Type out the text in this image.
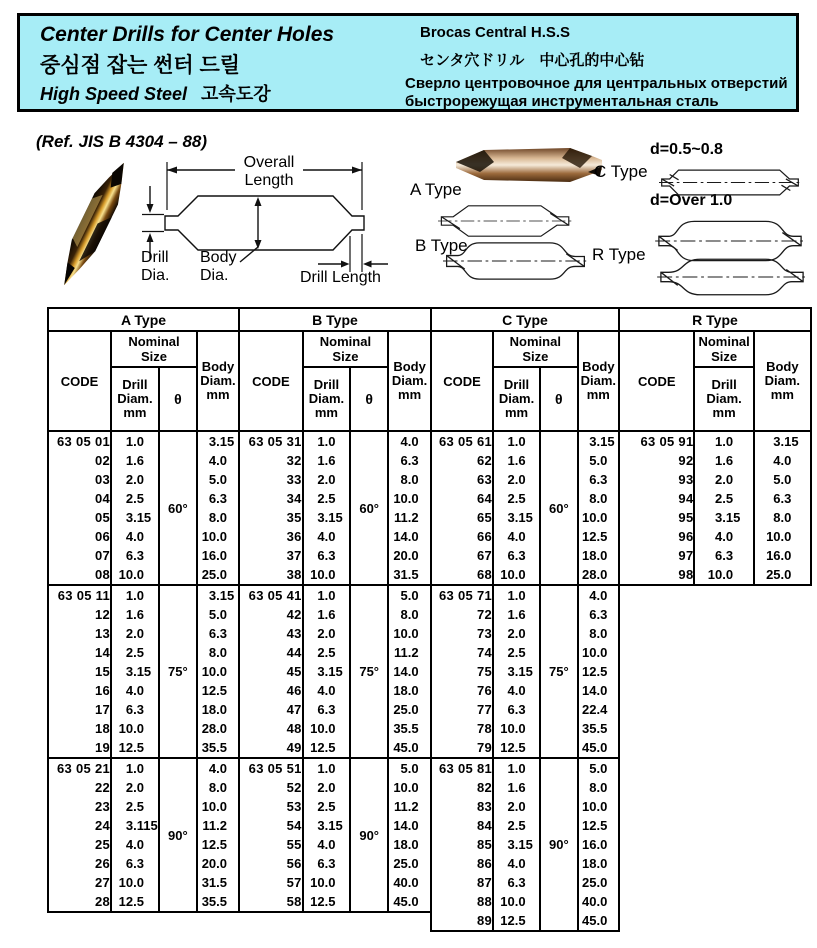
Center Drills for Center Holes
중심점 잡는 썬터 드릴
High Speed Steel 고속도강
Brocas Central H.S.S
センタ穴ドリル　中心孔的中心钻
Сверло центровочное для центральных отверстий
быстрорежущая инструментальная сталь
(Ref. JIS B 4304 – 88)
Overall
Length
Drill
Dia.
Body
Dia.	Drill Length
A Type
B Type
C Type
R Type
d=0.5~0.8
d=Over 1.0
A Type			
CODE	Nominal
Size		Body Diam. mm
	Drill Diam. mm	θ	
63 05 01	1.0	60°	3.15
02	1.6		4.0
03	2.0		5.0
04	2.5		6.3
05	3.15		8.0
06	4.0		10.0
07	6.3		16.0
08	10.0		25.0
63 05 11	1.0	75°	3.15
12	1.6		5.0
13	2.0		6.3
14	2.5		8.0
15	3.15		10.0
16	4.0		12.5
17	6.3		18.0
18	10.0		28.0
19	12.5		35.5
63 05 21	1.0	90°	4.0
22	2.0		8.0
23	2.5		10.0
24	3.115		11.2
25	4.0		12.5
26	6.3		20.0
27	10.0		31.5
28	12.5		35.5
B Type			
CODE	Nominal
Size		Body Diam. mm
	Drill Diam. mm	θ	
63 05 31	1.0	60°	4.0
32	1.6		6.3
33	2.0		8.0
34	2.5		10.0
35	3.15		11.2
36	4.0		14.0
37	6.3		20.0
38	10.0		31.5
63 05 41	1.0	75°	5.0
42	1.6		8.0
43	2.0		10.0
44	2.5		11.2
45	3.15		14.0
46	4.0		18.0
47	6.3		25.0
48	10.0		35.5
49	12.5		45.0
63 05 51	1.0	90°	5.0
52	2.0		10.0
53	2.5		11.2
54	3.15		14.0
55	4.0		18.0
56	6.3		25.0
57	10.0		40.0
58	12.5		45.0
C Type			
CODE	Nominal
Size		Body Diam. mm
	Drill Diam. mm	θ	
63 05 61	1.0	60°	3.15
62	1.6		5.0
63	2.0		6.3
64	2.5		8.0
65	3.15		10.0
66	4.0		12.5
67	6.3		18.0
68	10.0		28.0
63 05 71	1.0	75°	4.0
72	1.6		6.3
73	2.0		8.0
74	2.5		10.0
75	3.15		12.5
76	4.0		14.0
77	6.3		22.4
78	10.0		35.5
79	12.5		45.0
63 05 81	1.0	90°	5.0
82	1.6		8.0
83	2.0		10.0
84	2.5		12.5
85	3.15		16.0
86	4.0		18.0
87	6.3		25.0
88	10.0		40.0
89	12.5		45.0
R Type		
CODE	Nominal
Size	Body Diam. mm
	Drill Diam. mm	
63 05 91	1.0	3.15
92	1.6	4.0
93	2.0	5.0
94	2.5	6.3
95	3.15	8.0
96	4.0	10.0
97	6.3	16.0
98	10.0	25.0
